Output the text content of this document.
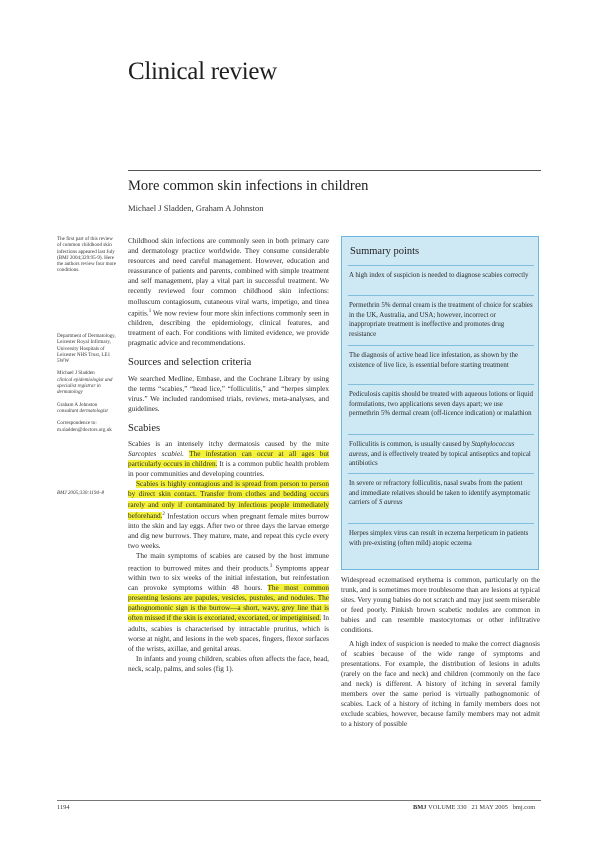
Clinical review
More common skin infections in children
Michael J Sladden, Graham A Johnston

The first part of this review of common childhood skin infections appeared last July (BMJ 2004;329:95-9). Here the authors review four more conditions.

Department of Dermatology, Leicester Royal Infirmary, University Hospitals of Leicester NHS Trust, LE1 5WW

Michael J Sladden

clinical epidemiologist and specialist registrar in dermatology

Graham A Johnston

consultant dermatologist

Correspondence to: m.sladden@doctors.org.uk

BMJ 2005;330:1194–8

Childhood skin infections are commonly seen in both primary care and dermatology practice worldwide. They consume considerable resources and need careful management. However, education and reassurance of patients and parents, combined with simple treatment and self management, play a vital part in successful treatment. We recently reviewed four common childhood skin infections: molluscum contagiosum, cutaneous viral warts, impetigo, and tinea capitis.$^1$ We now review four more skin infections commonly seen in children, describing the epidemiology, clinical features, and treatment of each. For conditions with limited evidence, we provide pragmatic advice and recommendations.

Sources and selection criteria

We searched Medline, Embase, and the Cochrane Library by using the terms “scabies,” “head lice,” “folliculitis,” and “herpes simplex virus.” We included randomised trials, reviews, meta-analyses, and guidelines.

Scabies

Scabies is an intensely itchy dermatosis caused by the mite Sarcoptes scabiei. The infestation can occur at all ages but particularly occurs in children. It is a common public health problem in poor communities and developing countries.

Scabies is highly contagious and is spread from person to person by direct skin contact. Transfer from clothes and bedding occurs rarely and only if contaminated by infectious people immediately beforehand.$^2$ Infestation occurs when pregnant female mites burrow into the skin and lay eggs. After two or three days the larvae emerge and dig new burrows. They mature, mate, and repeat this cycle every two weeks.

The main symptoms of scabies are caused by the host immune reaction to burrowed mites and their products.$^3$ Symptoms appear within two to six weeks of the initial infestation, but reinfestation can provoke symptoms within 48 hours. The most common presenting lesions are papules, vesicles, pustules, and nodules. The pathognomonic sign is the burrow—a short, wavy, grey line that is often missed if the skin is excoriated, excoriated, or impetiginised. In adults, scabies is characterised by intractable pruritus, which is worse at night, and lesions in the web spaces, fingers, flexor surfaces of the wrists, axillae, and genital areas.

In infants and young children, scabies often affects the face, head, neck, scalp, palms, and soles (fig 1).

Summary points
A high index of suspicion is needed to diagnose scabies correctly
Permethrin 5% dermal cream is the treatment of choice for scabies in the UK, Australia, and USA; however, incorrect or inappropriate treatment is ineffective and promotes drug resistance
The diagnosis of active head lice infestation, as shown by the existence of live lice, is essential before starting treatment
Pediculosis capitis should be treated with aqueous lotions or liquid formulations, two applications seven days apart; we use permethrin 5% dermal cream (off-licence indication) or malathion
Folliculitis is common, is usually caused by Staphylococcus aureus, and is effectively treated by topical antiseptics and topical antibiotics
In severe or refractory folliculitis, nasal swabs from the patient and immediate relatives should be taken to identify asymptomatic carriers of S aureus
Herpes simplex virus can result in eczema herpeticum in patients with pre-existing (often mild) atopic eczema

Widespread eczematised erythema is common, particularly on the trunk, and is sometimes more troublesome than are lesions at typical sites. Very young babies do not scratch and may just seem miserable or feed poorly. Pinkish brown scabetic nodules are common in babies and can resemble mastocytomas or other infiltrative conditions.

A high index of suspicion is needed to make the correct diagnosis of scabies because of the wide range of symptoms and presentations. For example, the distribution of lesions in adults (rarely on the face and neck) and children (commonly on the face and neck) is different. A history of itching in several family members over the same period is virtually pathognomonic of scabies. Lack of a history of itching in family members does not exclude scabies, however, because family members may not admit to a history of possible

1194	BMJ VOLUME 330 21 MAY 2005 bmj.com
